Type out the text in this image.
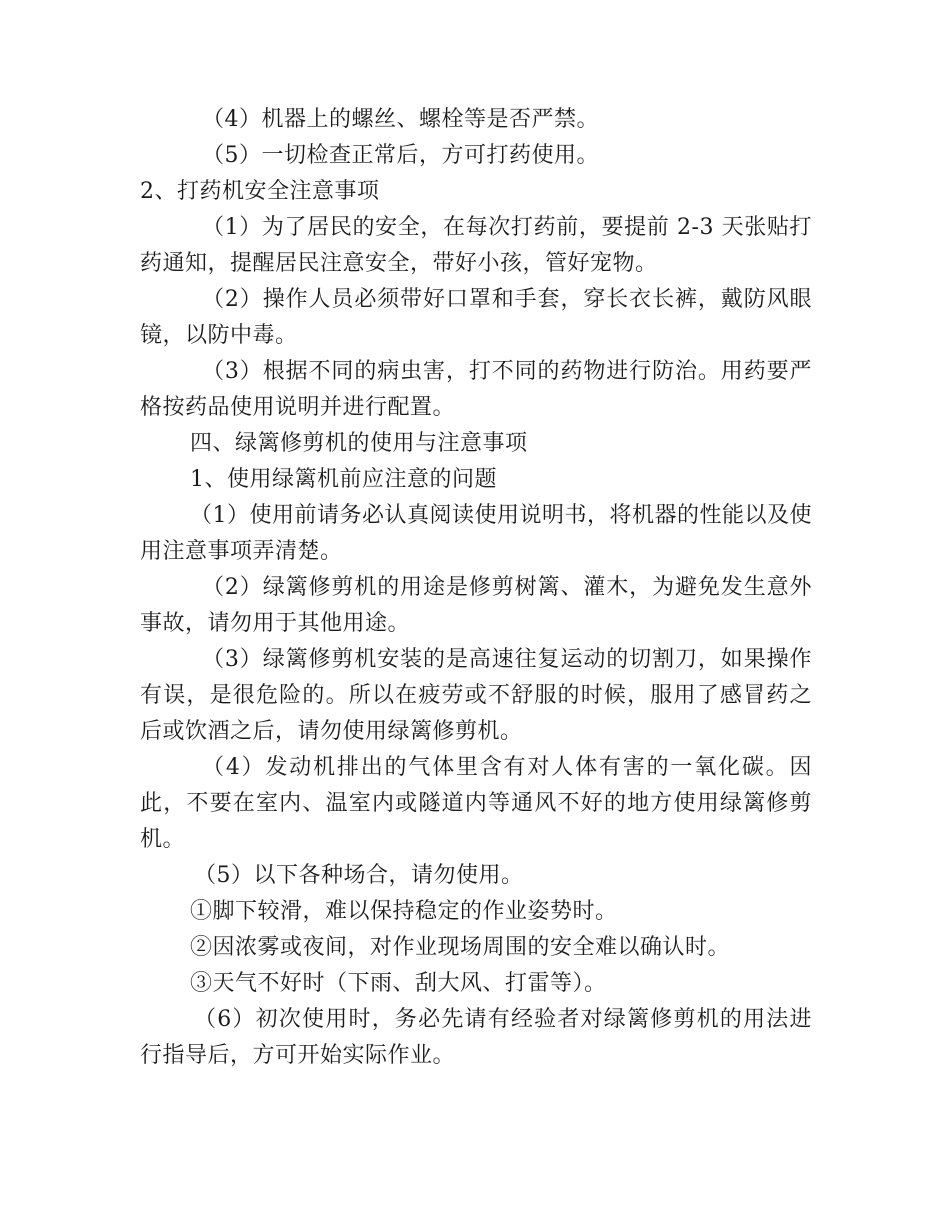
（4）机器上的螺丝、螺栓等是否严禁。

（5）一切检查正常后，方可打药使用。

2、打药机安全注意事项

（1）为了居民的安全，在每次打药前，要提前 2-3 天张贴打药通知，提醒居民注意安全，带好小孩，管好宠物。

（2）操作人员必须带好口罩和手套，穿长衣长裤，戴防风眼镜，以防中毒。

（3）根据不同的病虫害，打不同的药物进行防治。用药要严格按药品使用说明并进行配置。

四、绿篱修剪机的使用与注意事项

1、使用绿篱机前应注意的问题

（1）使用前请务必认真阅读使用说明书，将机器的性能以及使用注意事项弄清楚。

（2）绿篱修剪机的用途是修剪树篱、灌木，为避免发生意外事故，请勿用于其他用途。

（3）绿篱修剪机安装的是高速往复运动的切割刀，如果操作有误，是很危险的。所以在疲劳或不舒服的时候，服用了感冒药之后或饮酒之后，请勿使用绿篱修剪机。

（4）发动机排出的气体里含有对人体有害的一氧化碳。因此，不要在室内、温室内或隧道内等通风不好的地方使用绿篱修剪机。

（5）以下各种场合，请勿使用。

①脚下较滑，难以保持稳定的作业姿势时。

②因浓雾或夜间，对作业现场周围的安全难以确认时。

③天气不好时（下雨、刮大风、打雷等）。

（6）初次使用时，务必先请有经验者对绿篱修剪机的用法进行指导后，方可开始实际作业。
